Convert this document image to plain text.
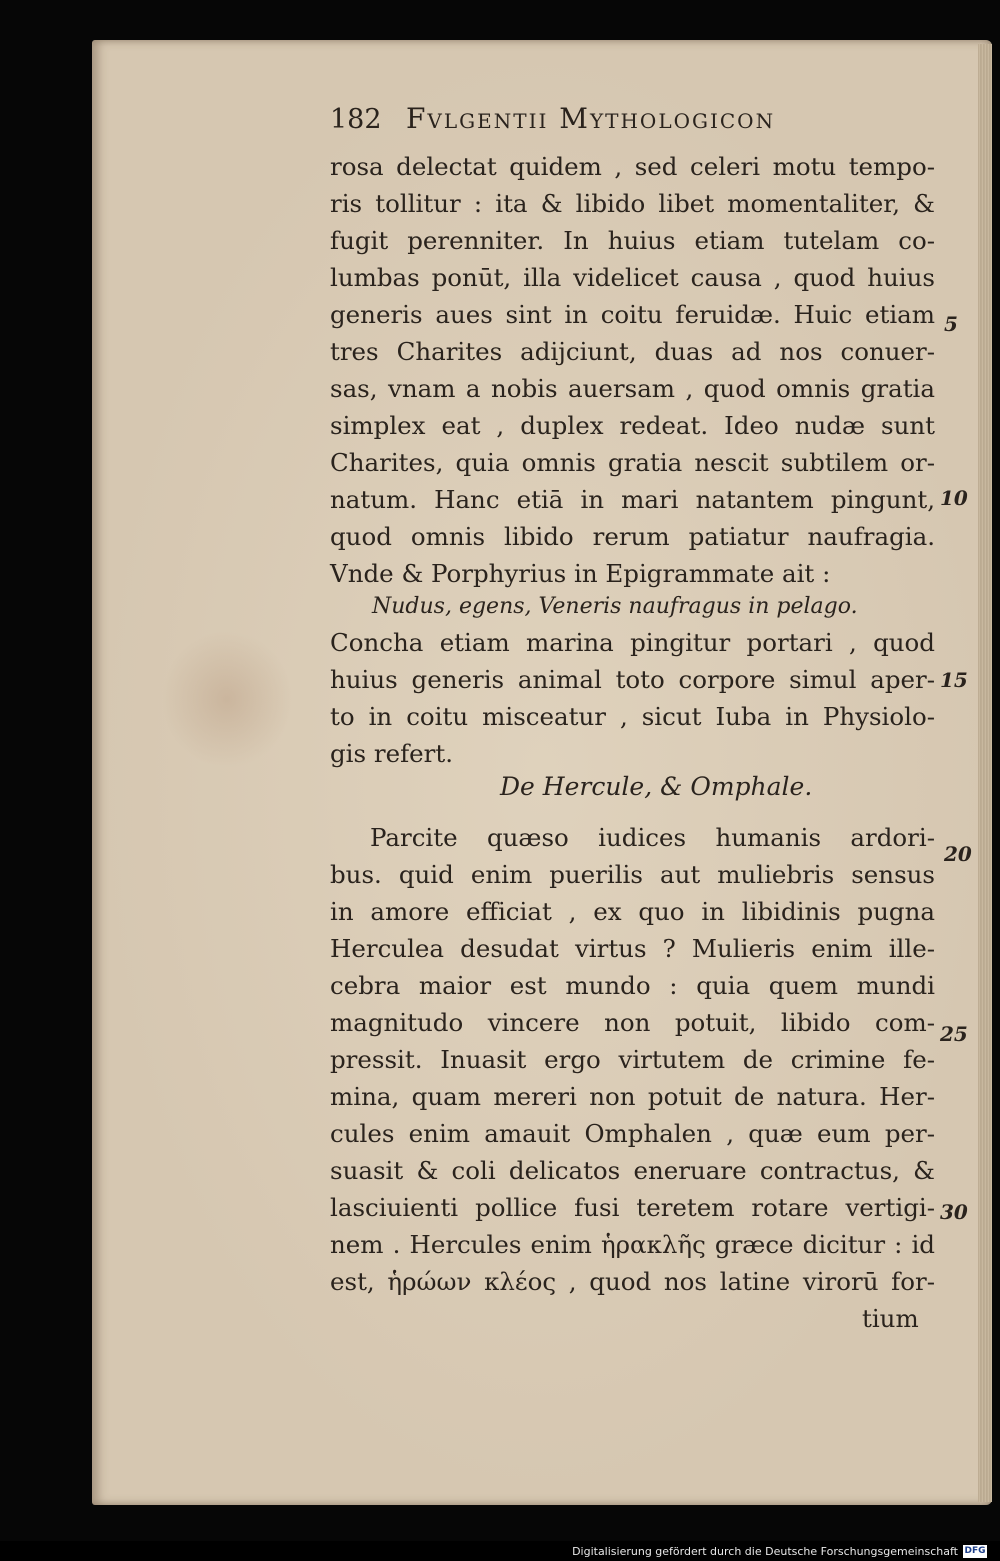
182 Fvlgentii Mythologicon
rosa delectat quidem , sed celeri motu tempo-
ris tollitur : ita & libido libet momentaliter, &
fugit perenniter. In huius etiam tutelam co-
lumbas ponūt, illa videlicet causa , quod huius
generis aues sint in coitu feruidæ. Huic etiam
tres Charites adijciunt, duas ad nos conuer-
sas, vnam a nobis auersam , quod omnis gratia
simplex eat , duplex redeat. Ideo nudæ sunt
Charites, quia omnis gratia nescit subtilem or-
natum. Hanc etiā in mari natantem pingunt,
quod omnis libido rerum patiatur naufragia.
Vnde & Porphyrius in Epigrammate ait :
Nudus, egens, Veneris naufragus in pelago.
Concha etiam marina pingitur portari , quod
huius generis animal toto corpore simul aper-
to in coitu misceatur , sicut Iuba in Physiolo-
gis refert.
De Hercule, & Omphale.
Parcite quæso iudices humanis ardori-
bus. quid enim puerilis aut muliebris sensus
in amore efficiat , ex quo in libidinis pugna
Herculea desudat virtus ? Mulieris enim ille-
cebra maior est mundo : quia quem mundi
magnitudo vincere non potuit, libido com-
pressit. Inuasit ergo virtutem de crimine fe-
mina, quam mereri non potuit de natura. Her-
cules enim amauit Omphalen , quæ eum per-
suasit & coli delicatos eneruare contractus, &
lasciuienti pollice fusi teretem rotare vertigi-
nem . Hercules enim ἡρακλῆς græce dicitur : id
est, ἡρώων κλέος , quod nos latine virorū for-
tium
5
10
15
20
25
30
Digitalisierung gefördert durch die Deutsche Forschungsgemeinschaft DFG
